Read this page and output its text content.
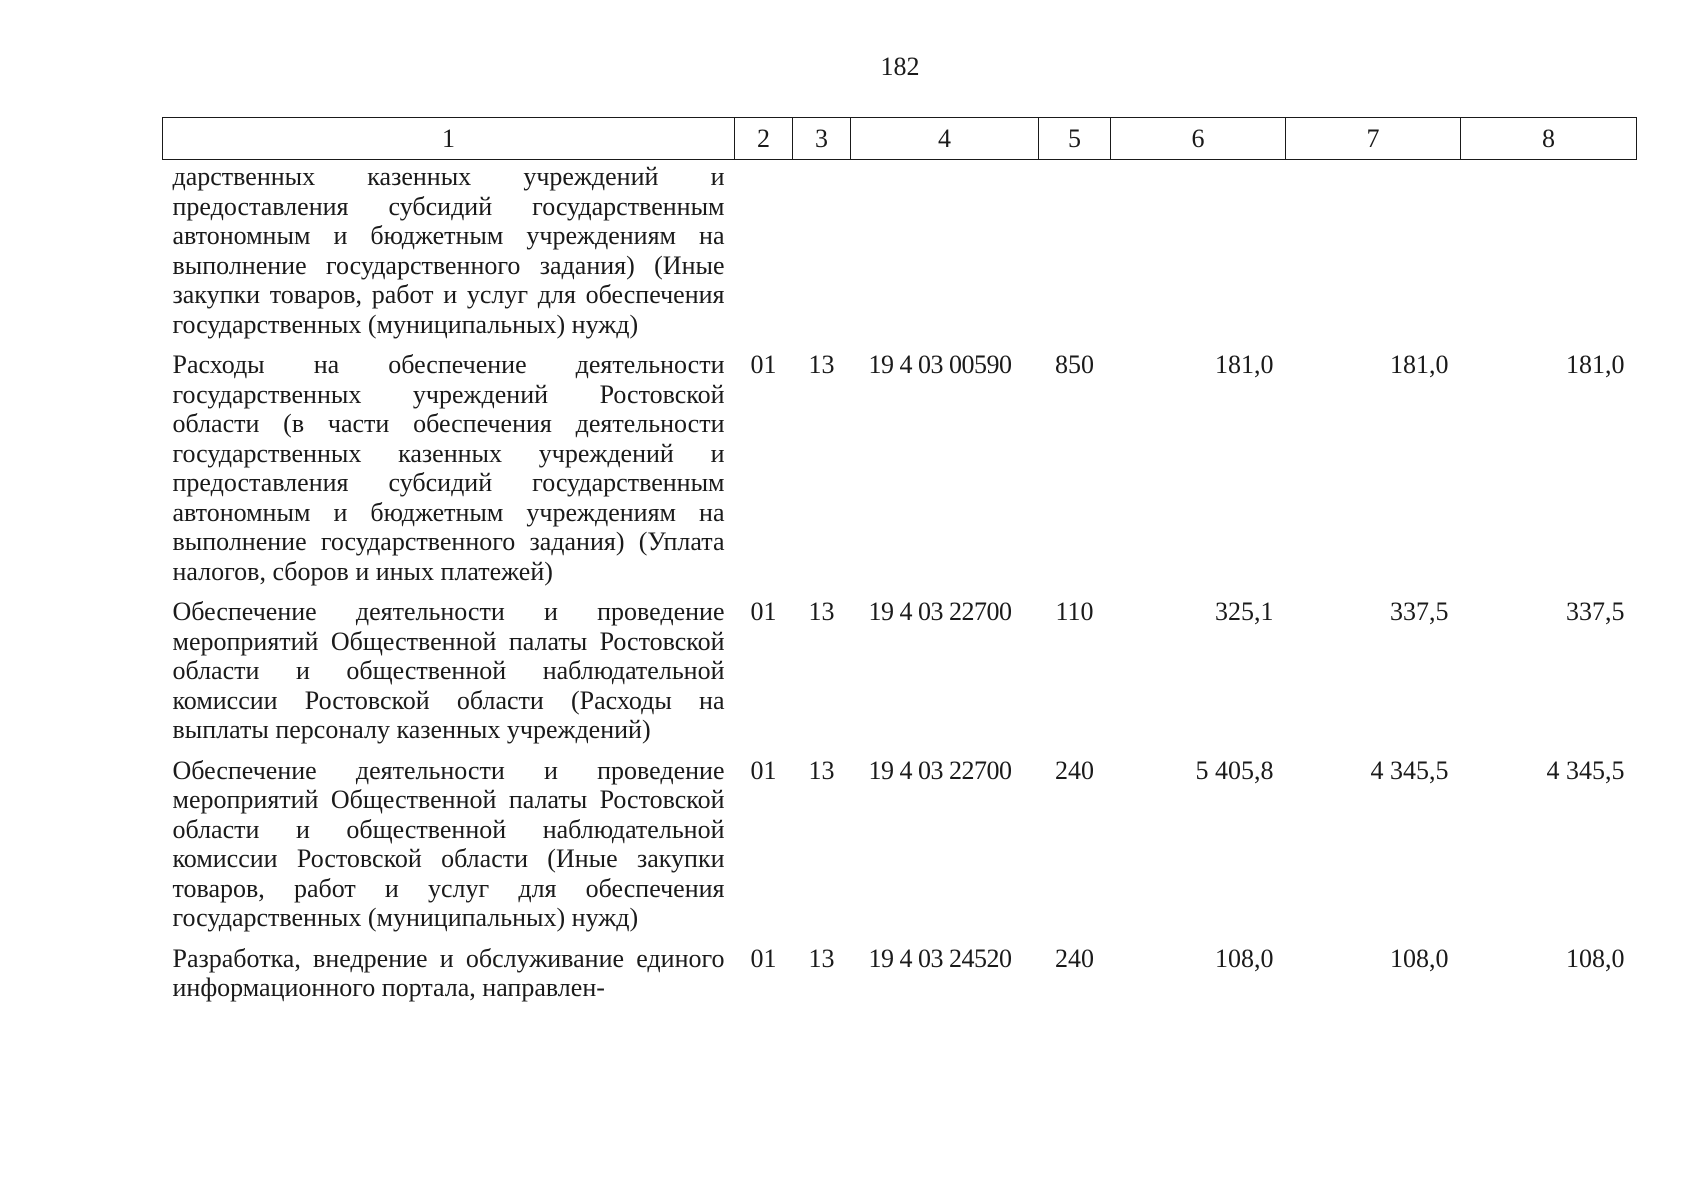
182
1	2	3	4	5	6	7	8
дарственных казенных учреждений и предоставления субсидий государственным автономным и бюджетным учреждениям на выполнение государственного задания) (Иные закупки товаров, работ и услуг для обеспечения государственных (муниципальных) нужд)							
Расходы на обеспечение деятельности государственных учреждений Ростовской области (в части обеспечения деятельности государственных казенных учреждений и предоставления субсидий государственным автономным и бюджетным учреждениям на выполнение государственного задания) (Уплата налогов, сборов и иных платежей)	01	13	19 4 03 00590	850	181,0	181,0	181,0
Обеспечение деятельности и проведение мероприятий Общественной палаты Ростовской области и общественной наблюдательной комиссии Ростовской области (Расходы на выплаты персоналу казенных учреждений)	01	13	19 4 03 22700	110	325,1	337,5	337,5
Обеспечение деятельности и проведение мероприятий Общественной палаты Ростовской области и общественной наблюдательной комиссии Ростовской области (Иные закупки товаров, работ и услуг для обеспечения государственных (муниципальных) нужд)	01	13	19 4 03 22700	240	5 405,8	4 345,5	4 345,5
Разработка, внедрение и обслуживание единого информационного портала, направлен-	01	13	19 4 03 24520	240	108,0	108,0	108,0
